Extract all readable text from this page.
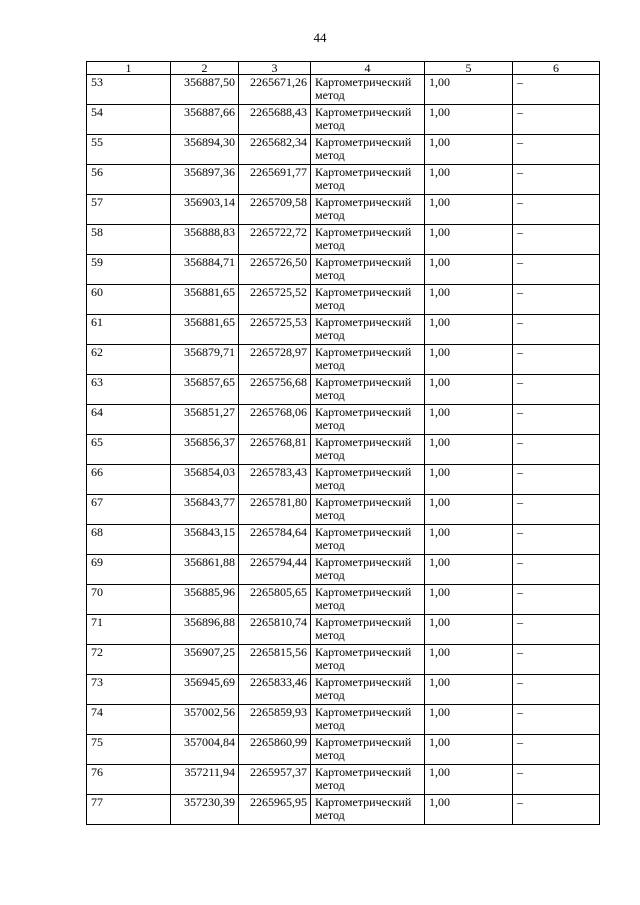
44
1	2	3	4	5	6
53	356887,50	2265671,26	Картометрический метод	1,00	–
54	356887,66	2265688,43	Картометрический метод	1,00	–
55	356894,30	2265682,34	Картометрический метод	1,00	–
56	356897,36	2265691,77	Картометрический метод	1,00	–
57	356903,14	2265709,58	Картометрический метод	1,00	–
58	356888,83	2265722,72	Картометрический метод	1,00	–
59	356884,71	2265726,50	Картометрический метод	1,00	–
60	356881,65	2265725,52	Картометрический метод	1,00	–
61	356881,65	2265725,53	Картометрический метод	1,00	–
62	356879,71	2265728,97	Картометрический метод	1,00	–
63	356857,65	2265756,68	Картометрический метод	1,00	–
64	356851,27	2265768,06	Картометрический метод	1,00	–
65	356856,37	2265768,81	Картометрический метод	1,00	–
66	356854,03	2265783,43	Картометрический метод	1,00	–
67	356843,77	2265781,80	Картометрический метод	1,00	–
68	356843,15	2265784,64	Картометрический метод	1,00	–
69	356861,88	2265794,44	Картометрический метод	1,00	–
70	356885,96	2265805,65	Картометрический метод	1,00	–
71	356896,88	2265810,74	Картометрический метод	1,00	–
72	356907,25	2265815,56	Картометрический метод	1,00	–
73	356945,69	2265833,46	Картометрический метод	1,00	–
74	357002,56	2265859,93	Картометрический метод	1,00	–
75	357004,84	2265860,99	Картометрический метод	1,00	–
76	357211,94	2265957,37	Картометрический метод	1,00	–
77	357230,39	2265965,95	Картометрический метод	1,00	–
